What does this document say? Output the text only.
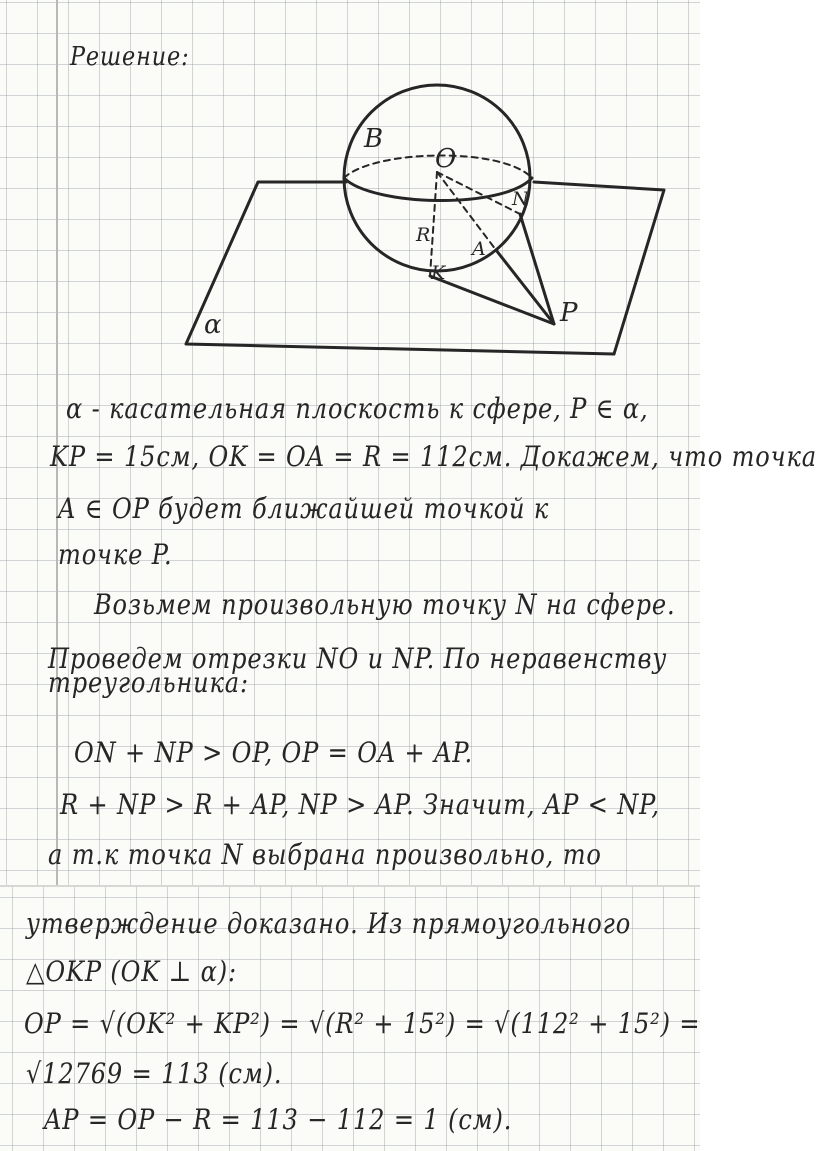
Решение:
B
O
N
R
A
K
P
α
α - касательная плоскость к сфере, P ∈ α,
KP = 15см, OK = OA = R = 112см. Докажем, что точка
A ∈ OP будет ближайшей точкой к
точке P.
Возьмем произвольную точку N на сфере.
Проведем отрезки NO и NP. По неравенству
треугольника:
ON + NP > OP, OP = OA + AP.
R + NP > R + AP, NP > AP. Значит, AP < NP,
а т.к точка N выбрана произвольно, то
утверждение доказано. Из прямоугольного
△OKP (OK ⊥ α):
OP = √(OK² + KP²) = √(R² + 15²) = √(112² + 15²) =
√12769 = 113 (см).
AP = OP − R = 113 − 112 = 1 (см).
